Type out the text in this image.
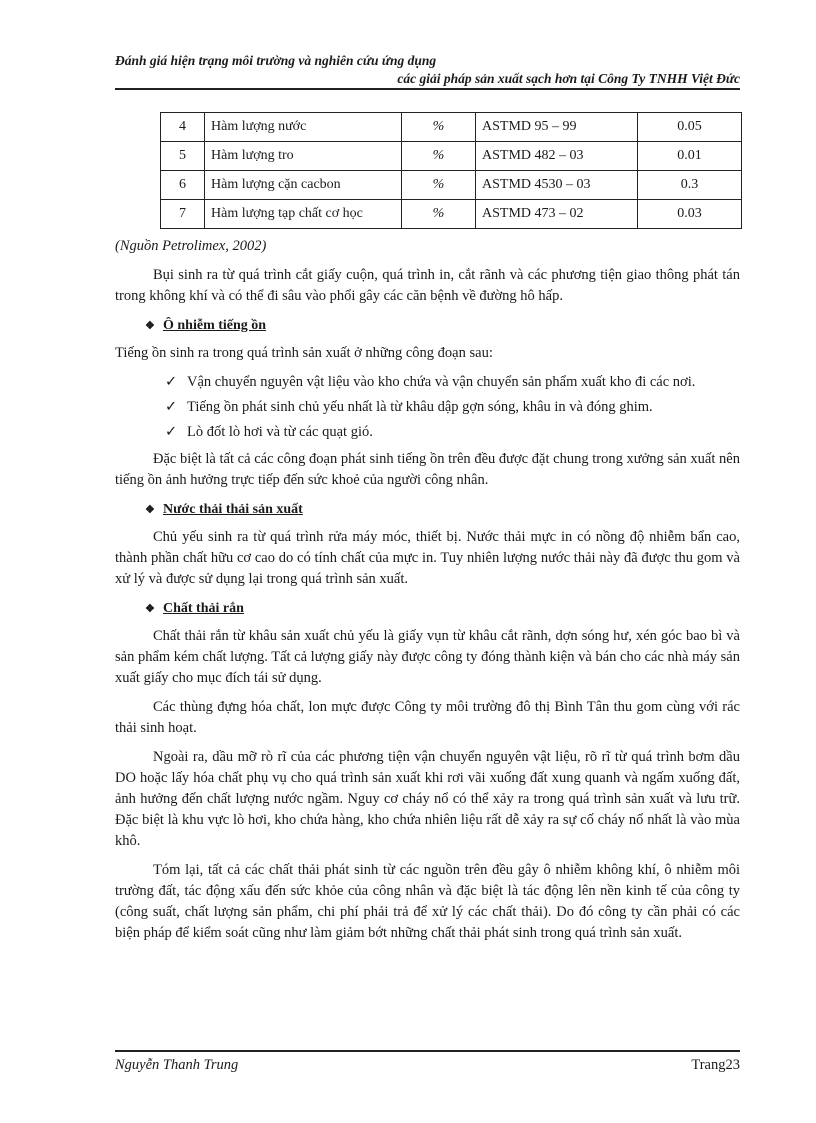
Đánh giá hiện trạng môi trường và nghiên cứu ứng dụng
các giải pháp sản xuất sạch hơn tại Công Ty TNHH Việt Đức
4	Hàm lượng nước	%	ASTMD 95 – 99	0.05
5	Hàm lượng tro	%	ASTMD 482 – 03	0.01
6	Hàm lượng cặn cacbon	%	ASTMD 4530 – 03	0.3
7	Hàm lượng tạp chất cơ học	%	ASTMD 473 – 02	0.03
(Nguồn Petrolimex, 2002)

Bụi sinh ra từ quá trình cắt giấy cuộn, quá trình in, cắt rãnh và các phương tiện giao thông phát tán trong không khí và có thể đi sâu vào phổi gây các căn bệnh về đường hô hấp.

❖ Ô nhiễm tiếng ồn

Tiếng ồn sinh ra trong quá trình sản xuất ở những công đoạn sau:

✓ Vận chuyển nguyên vật liệu vào kho chứa và vận chuyển sản phẩm xuất kho đi các nơi.
✓ Tiếng ồn phát sinh chủ yếu nhất là từ khâu dập gợn sóng, khâu in và đóng ghim.
✓ Lò đốt lò hơi và từ các quạt gió.

Đặc biệt là tất cả các công đoạn phát sinh tiếng ồn trên đều được đặt chung trong xưởng sản xuất nên tiếng ồn ảnh hưởng trực tiếp đến sức khoẻ của người công nhân.

❖ Nước thải thải sản xuất

Chủ yếu sinh ra từ quá trình rửa máy móc, thiết bị. Nước thải mực in có nồng độ nhiễm bẩn cao, thành phần chất hữu cơ cao do có tính chất của mực in. Tuy nhiên lượng nước thải này đã được thu gom và xử lý và được sử dụng lại trong quá trình sản xuất.

❖ Chất thải rắn

Chất thải rắn từ khâu sản xuất chủ yếu là giấy vụn từ khâu cắt rãnh, dợn sóng hư, xén góc bao bì và sản phẩm kém chất lượng. Tất cả lượng giấy này được công ty đóng thành kiện và bán cho các nhà máy sản xuất giấy cho mục đích tái sử dụng.

Các thùng đựng hóa chất, lon mực được Công ty môi trường đô thị Bình Tân thu gom cùng với rác thải sinh hoạt.

Ngoài ra, dầu mỡ rò rĩ của các phương tiện vận chuyển nguyên vật liệu, rõ rĩ từ quá trình bơm dầu DO hoặc lấy hóa chất phụ vụ cho quá trình sản xuất khi rơi vãi xuống đất xung quanh và ngấm xuống đất, ảnh hưởng đến chất lượng nước ngầm. Nguy cơ cháy nổ có thể xảy ra trong quá trình sản xuất và lưu trữ. Đặc biệt là khu vực lò hơi, kho chứa hàng, kho chứa nhiên liệu rất dễ xảy ra sự cố cháy nổ nhất là vào mùa khô.

Tóm lại, tất cả các chất thải phát sinh từ các nguồn trên đều gây ô nhiễm không khí, ô nhiễm môi trường đất, tác động xấu đến sức khỏe của công nhân và đặc biệt là tác động lên nền kinh tế của công ty (công suất, chất lượng sản phẩm, chi phí phải trả để xử lý các chất thải). Do đó công ty cần phải có các biện pháp để kiểm soát cũng như làm giảm bớt những chất thải phát sinh trong quá trình sản xuất.

Nguyễn Thanh Trung	Trang23
